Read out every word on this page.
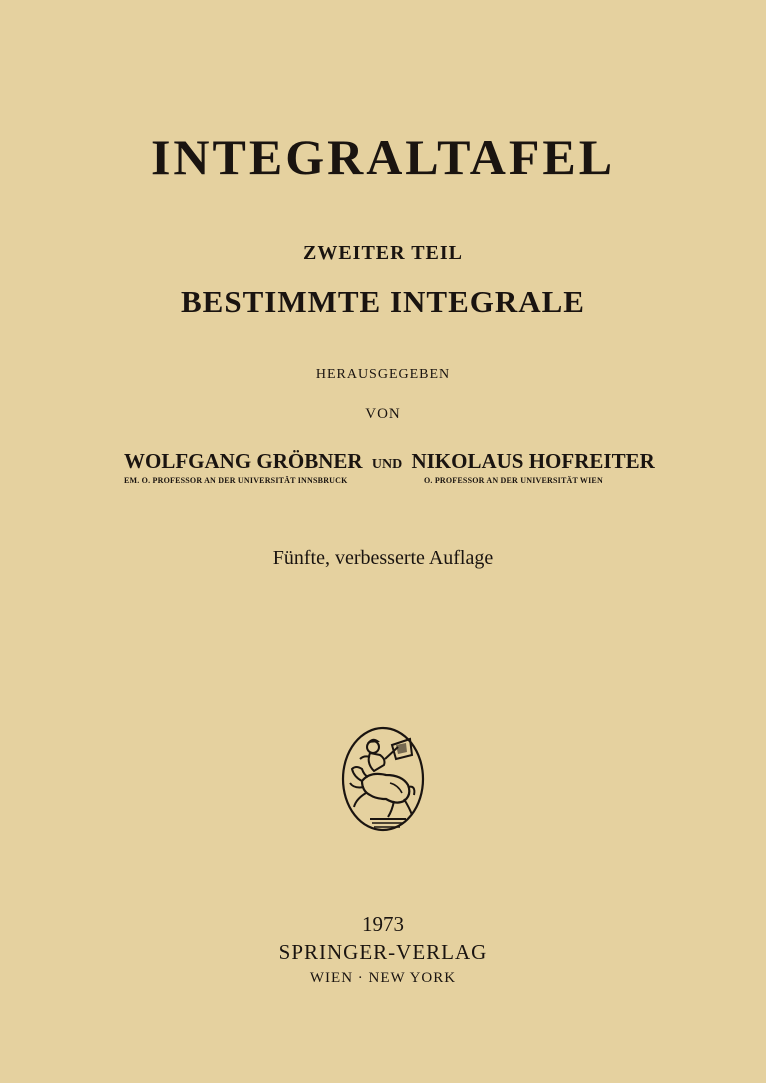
INTEGRALTAFEL
ZWEITER TEIL
BESTIMMTE INTEGRALE
HERAUSGEGEBEN
VON
WOLFGANG GRÖBNER UND NIKOLAUS HOFREITER
EM. O. PROFESSOR AN DER UNIVERSITÄT INNSBRUCK	O. PROFESSOR AN DER UNIVERSITÄT WIEN
Fünfte, verbesserte Auflage
1973
SPRINGER-VERLAG
WIEN · NEW YORK
